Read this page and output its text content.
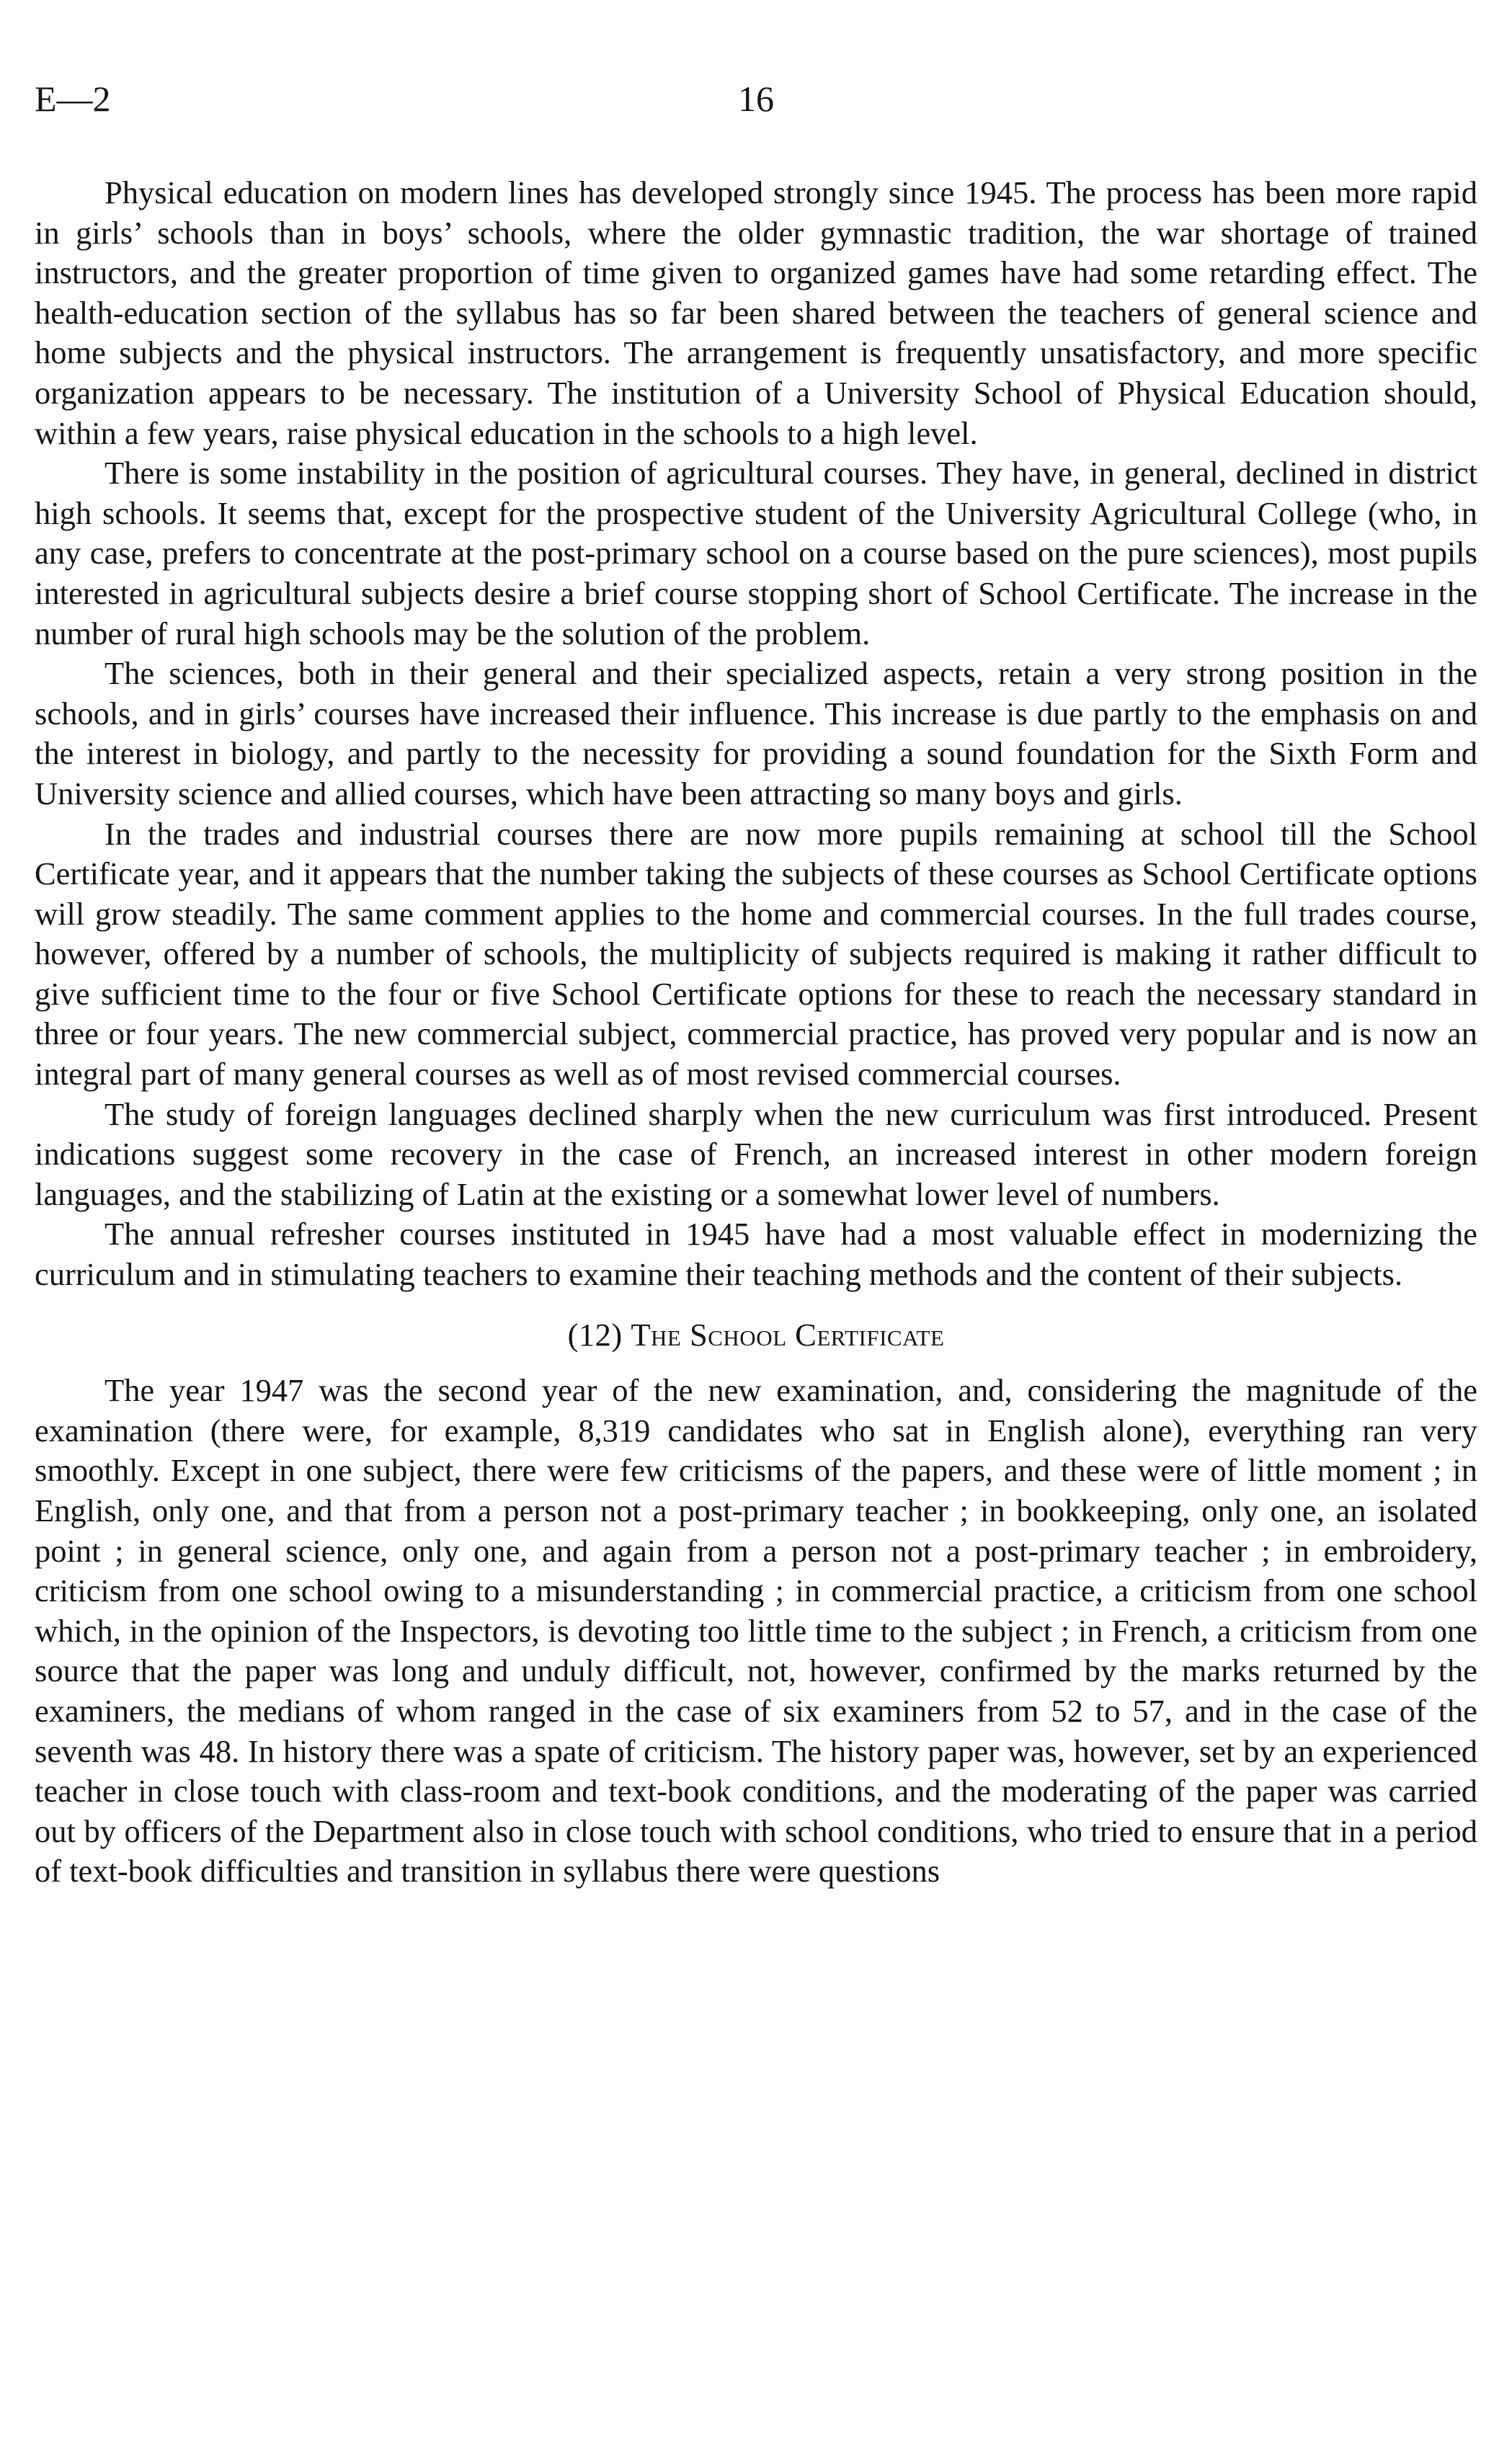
E—2	16

Physical education on modern lines has developed strongly since 1945. The process has been more rapid in girls’ schools than in boys’ schools, where the older gymnastic tradition, the war shortage of trained instructors, and the greater proportion of time given to organized games have had some retarding effect. The health-education section of the syllabus has so far been shared between the teachers of general science and home subjects and the physical instructors. The arrangement is frequently unsatisfactory, and more specific organization appears to be necessary. The institution of a University School of Physical Education should, within a few years, raise physical education in the schools to a high level.

There is some instability in the position of agricultural courses. They have, in general, declined in district high schools. It seems that, except for the prospective student of the University Agricultural College (who, in any case, prefers to concentrate at the post-primary school on a course based on the pure sciences), most pupils interested in agricultural subjects desire a brief course stopping short of School Certificate. The increase in the number of rural high schools may be the solution of the problem.

The sciences, both in their general and their specialized aspects, retain a very strong position in the schools, and in girls’ courses have increased their influence. This increase is due partly to the emphasis on and the interest in biology, and partly to the necessity for providing a sound foundation for the Sixth Form and University science and allied courses, which have been attracting so many boys and girls.

In the trades and industrial courses there are now more pupils remaining at school till the School Certificate year, and it appears that the number taking the subjects of these courses as School Certificate options will grow steadily. The same comment applies to the home and commercial courses. In the full trades course, however, offered by a number of schools, the multiplicity of subjects required is making it rather difficult to give sufficient time to the four or five School Certificate options for these to reach the necessary standard in three or four years. The new commercial subject, commercial practice, has proved very popular and is now an integral part of many general courses as well as of most revised commercial courses.

The study of foreign languages declined sharply when the new curriculum was first introduced. Present indications suggest some recovery in the case of French, an increased interest in other modern foreign languages, and the stabilizing of Latin at the existing or a somewhat lower level of numbers.

The annual refresher courses instituted in 1945 have had a most valuable effect in modernizing the curriculum and in stimulating teachers to examine their teaching methods and the content of their subjects.

(12) The School Certificate

The year 1947 was the second year of the new examination, and, considering the magnitude of the examination (there were, for example, 8,319 candidates who sat in English alone), everything ran very smoothly. Except in one subject, there were few criticisms of the papers, and these were of little moment ; in English, only one, and that from a person not a post-primary teacher ; in bookkeeping, only one, an isolated point ; in general science, only one, and again from a person not a post-primary teacher ; in embroidery, criticism from one school owing to a misunderstanding ; in commercial practice, a criticism from one school which, in the opinion of the Inspectors, is devoting too little time to the subject ; in French, a criticism from one source that the paper was long and unduly difficult, not, however, confirmed by the marks returned by the examiners, the medians of whom ranged in the case of six examiners from 52 to 57, and in the case of the seventh was 48. In history there was a spate of criticism. The history paper was, however, set by an experienced teacher in close touch with class-room and text-book conditions, and the moderating of the paper was carried out by officers of the Department also in close touch with school conditions, who tried to ensure that in a period of text-book difficulties and transition in syllabus there were questions
